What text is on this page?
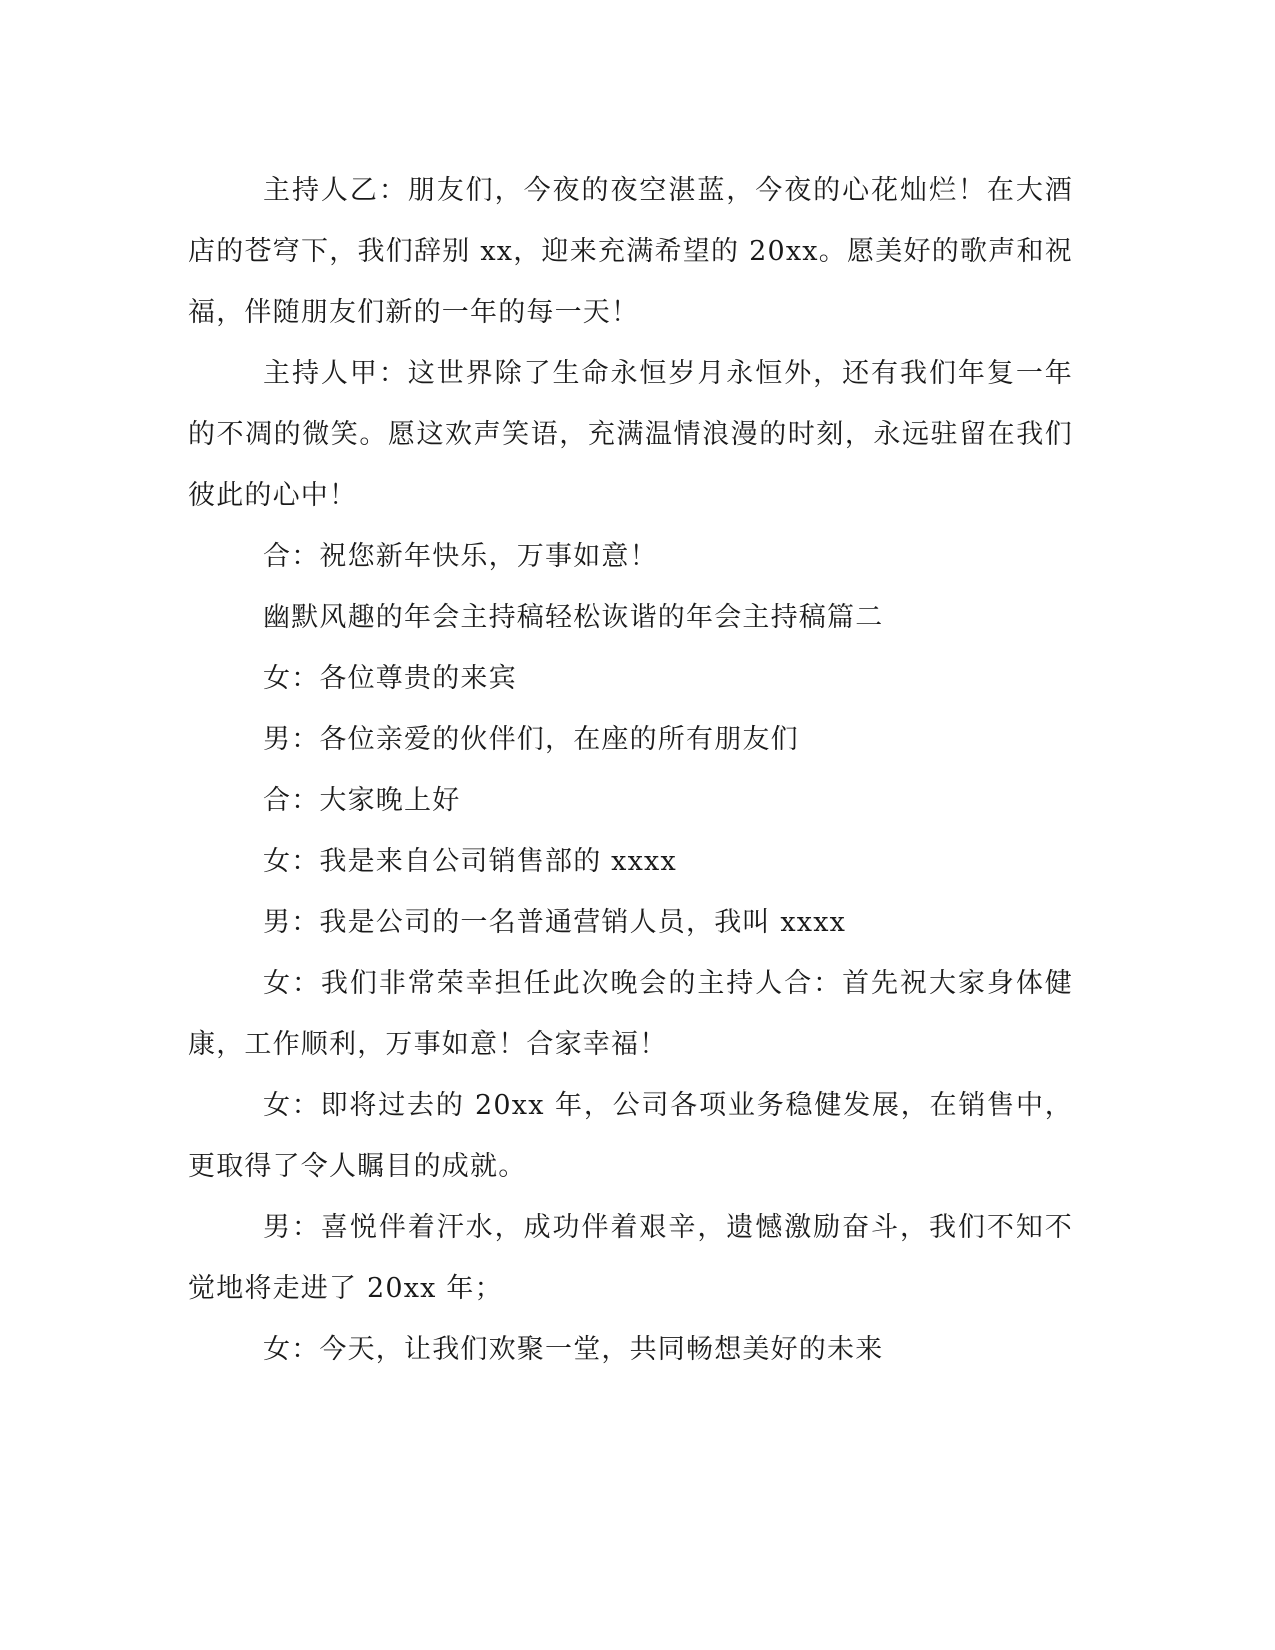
主持人乙：朋友们，今夜的夜空湛蓝，今夜的心花灿烂！在大酒店的苍穹下，我们辞别 xx，迎来充满希望的 20xx。愿美好的歌声和祝福，伴随朋友们新的一年的每一天！

主持人甲：这世界除了生命永恒岁月永恒外，还有我们年复一年的不凋的微笑。愿这欢声笑语，充满温情浪漫的时刻，永远驻留在我们彼此的心中！

合：祝您新年快乐，万事如意！

幽默风趣的年会主持稿轻松诙谐的年会主持稿篇二

女：各位尊贵的来宾

男：各位亲爱的伙伴们，在座的所有朋友们

合：大家晚上好

女：我是来自公司销售部的 xxxx

男：我是公司的一名普通营销人员，我叫 xxxx

女：我们非常荣幸担任此次晚会的主持人合：首先祝大家身体健康，工作顺利，万事如意！合家幸福！

女：即将过去的 20xx 年，公司各项业务稳健发展，在销售中，更取得了令人瞩目的成就。

男：喜悦伴着汗水，成功伴着艰辛，遗憾激励奋斗，我们不知不觉地将走进了 20xx 年；

女：今天，让我们欢聚一堂，共同畅想美好的未来
